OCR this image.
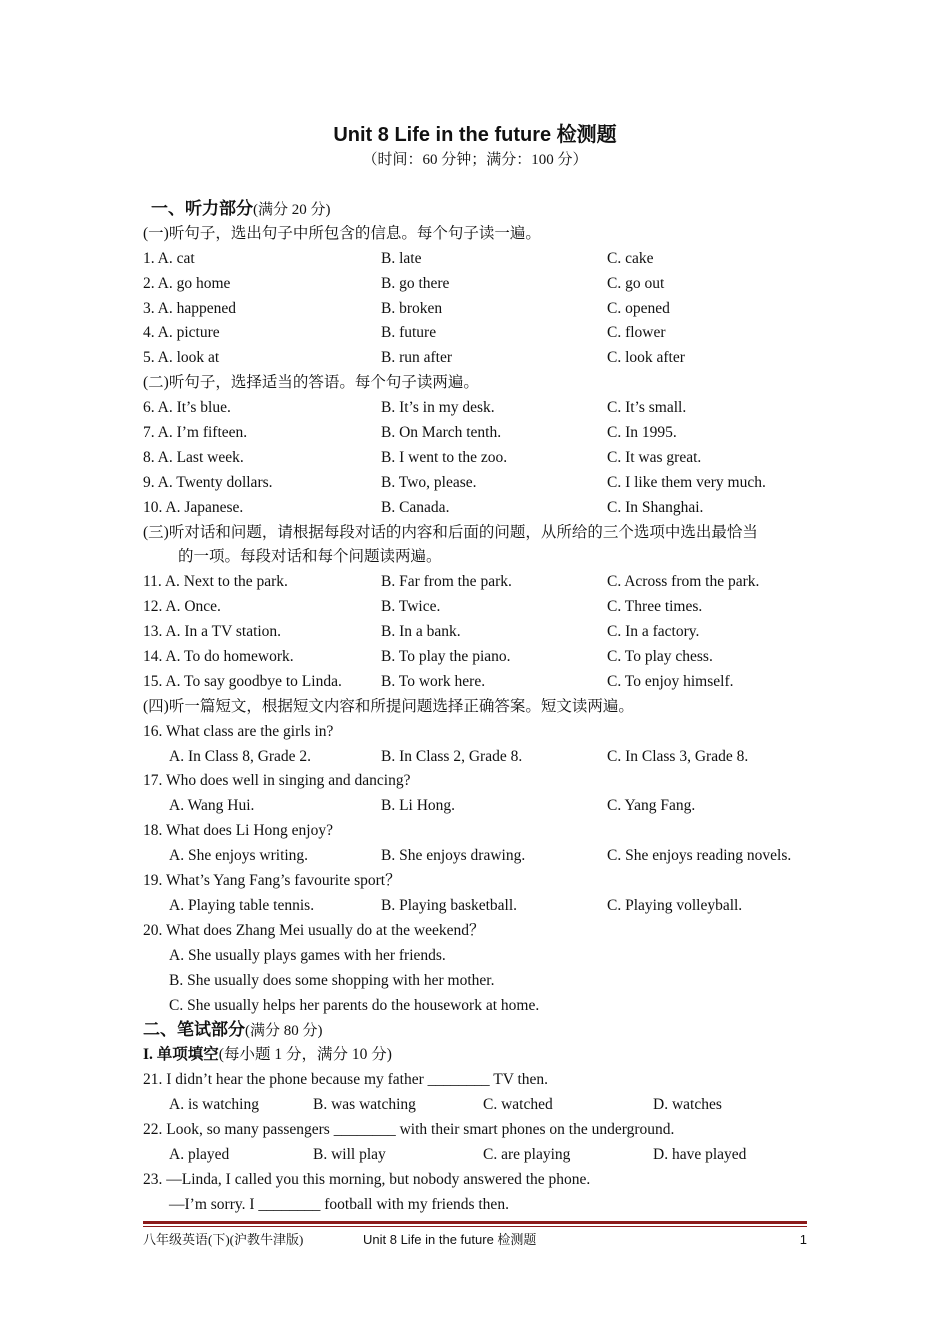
Unit 8 Life in the future 检测题
（时间：60 分钟；满分：100 分）
一、听力部分(满分 20 分)
(一)听句子，选出句子中所包含的信息。每个句子读一遍。
1. A. cat	B. late	C. cake
2. A. go home	B. go there	C. go out
3. A. happened	B. broken	C. opened
4. A. picture	B. future	C. flower
5. A. look at	B. run after	C. look after
(二)听句子，选择适当的答语。每个句子读两遍。
6. A. It’s blue.	B. It’s in my desk.	C. It’s small.
7. A. I’m fifteen.	B. On March tenth.	C. In 1995.
8. A. Last week.	B. I went to the zoo.	C. It was great.
9. A. Twenty dollars.	B. Two, please.	C. I like them very much.
10. A. Japanese.	B. Canada.	C. In Shanghai.
(三)听对话和问题，请根据每段对话的内容和后面的问题，从所给的三个选项中选出最恰当
的一项。每段对话和每个问题读两遍。
11. A. Next to the park.	B. Far from the park.	C. Across from the park.
12. A. Once.	B. Twice.	C. Three times.
13. A. In a TV station.	B. In a bank.	C. In a factory.
14. A. To do homework.	B. To play the piano.	C. To play chess.
15. A. To say goodbye to Linda.	B. To work here.	C. To enjoy himself.
(四)听一篇短文，根据短文内容和所提问题选择正确答案。短文读两遍。
16. What class are the girls in?
A. In Class 8, Grade 2.	B. In Class 2, Grade 8.	C. In Class 3, Grade 8.
17. Who does well in singing and dancing?
A. Wang Hui.	B. Li Hong.	C. Yang Fang.
18. What does Li Hong enjoy?
A. She enjoys writing.	B. She enjoys drawing.	C. She enjoys reading novels.
19. What’s Yang Fang’s favourite sport？
A. Playing table tennis.	B. Playing basketball.	C. Playing volleyball.
20. What does Zhang Mei usually do at the weekend？
A. She usually plays games with her friends.
B. She usually does some shopping with her mother.
C. She usually helps her parents do the housework at home.
二、笔试部分(满分 80 分)
I. 单项填空(每小题 1 分，满分 10 分)
21. I didn’t hear the phone because my father ________ TV then.
A. is watching	B. was watching	C. watched	D. watches
22. Look, so many passengers ________ with their smart phones on the underground.
A. played	B. will play	C. are playing	D. have played
23. —Linda, I called you this morning, but nobody answered the phone.
—I’m sorry. I ________ football with my friends then.
八年级英语(下)(沪教牛津版)	Unit 8 Life in the future 检测题	1
